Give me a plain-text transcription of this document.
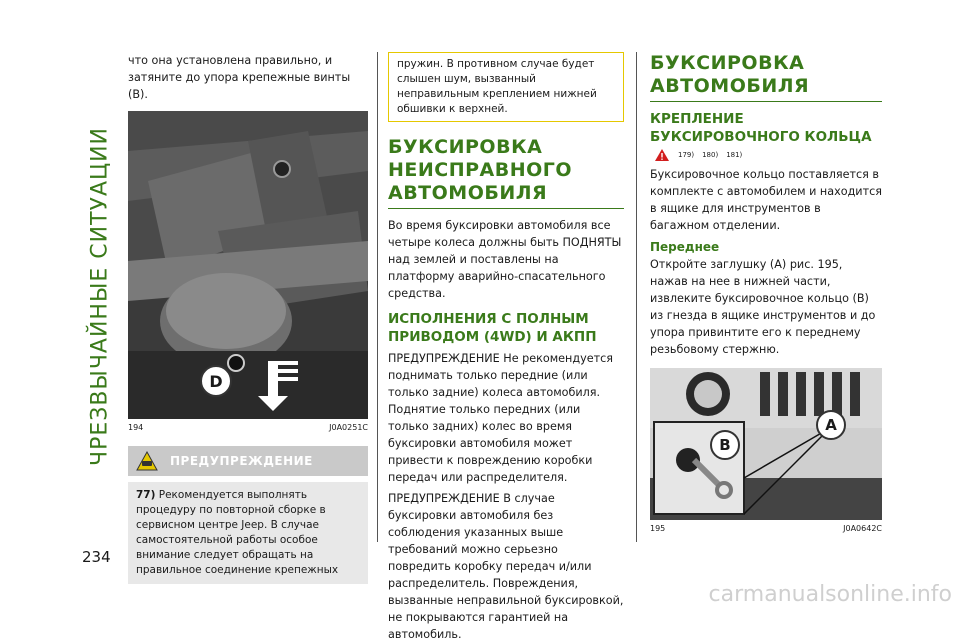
ЧРЕЗВЫЧАЙНЫЕ СИТУАЦИИ
234

что она установлена правильно, и затяните до упора крепежные винты (B).

D
194	J0A0251C
ПРЕДУПРЕЖДЕНИЕ
77) Рекомендуется выполнять процедуру по повторной сборке в сервисном центре Jeep. В случае самостоятельной работы особое внимание следует обращать на правильное соединение крепежных
пружин. В противном случае будет слышен шум, вызванный неправильным креплением нижней обшивки к верхней.
БУКСИРОВКА НЕИСПРАВНОГО АВТОМОБИЛЯ

Во время буксировки автомобиля все четыре колеса должны быть ПОДНЯТЫ над землей и поставлены на платформу аварийно-спасательного средства.

ИСПОЛНЕНИЯ С ПОЛНЫМ ПРИВОДОМ (4WD) И АКПП

ПРЕДУПРЕЖДЕНИЕ Не рекомендуется поднимать только передние (или только задние) колеса автомобиля. Поднятие только передних (или только задних) колес во время буксировки автомобиля может привести к повреждению коробки передач или распределителя.

ПРЕДУПРЕЖДЕНИЕ В случае буксировки автомобиля без соблюдения указанных выше требований можно серьезно повредить коробку передач и/или распределитель. Повреждения, вызванные неправильной буксировкой, не покрываются гарантией на автомобиль.

БУКСИРОВКА АВТОМОБИЛЯ
КРЕПЛЕНИЕ БУКСИРОВОЧНОГО КОЛЬЦА
179) 180) 181)

Буксировочное кольцо поставляется в комплекте с автомобилем и находится в ящике для инструментов в багажном отделении.

Переднее

Откройте заглушку (A) рис. 195, нажав на нее в нижней части, извлеките буксировочное кольцо (B) из гнезда в ящике инструментов и до упора привинтите его к переднему резьбовому стержню.

B
A
195	J0A0642C
carmanualsonline.info
